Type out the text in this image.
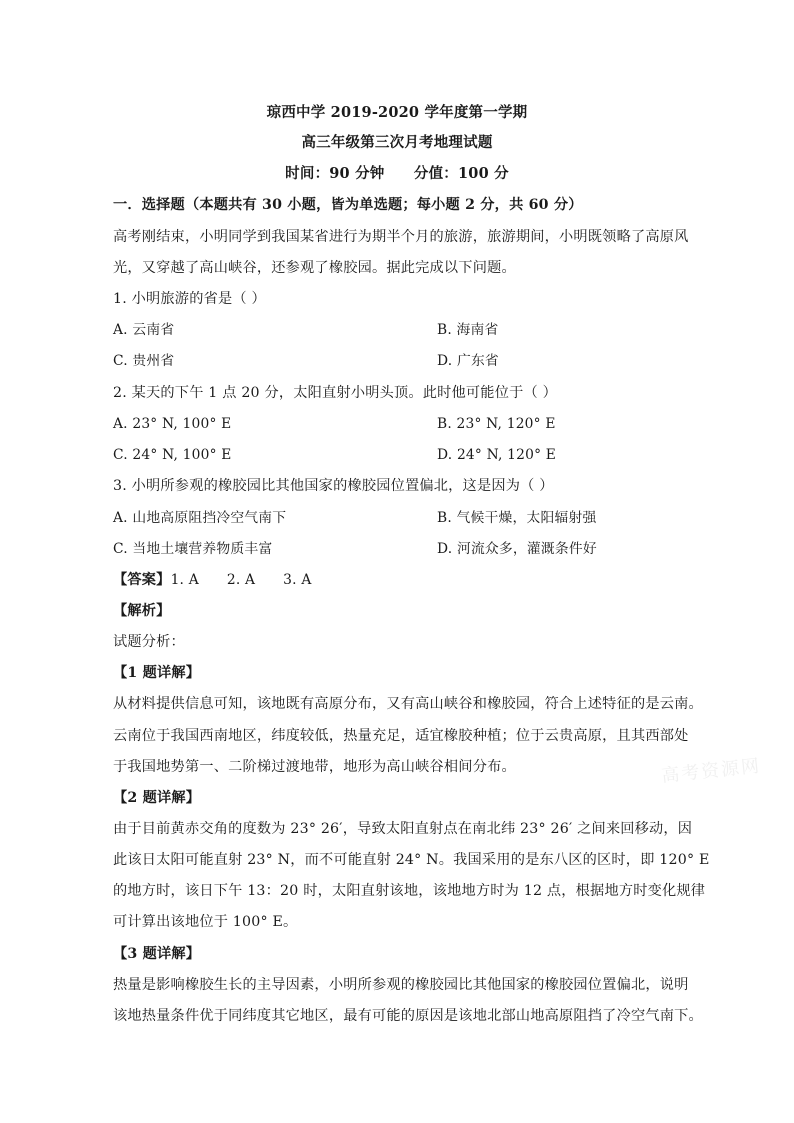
琼西中学 2019-2020 学年度第一学期
高三年级第三次月考地理试题
时间：90 分钟　　分值：100 分
一．选择题（本题共有 30 小题，皆为单选题；每小题 2 分，共 60 分）
高考刚结束，小明同学到我国某省进行为期半个月的旅游，旅游期间，小明既领略了高原风
光，又穿越了高山峡谷，还参观了橡胶园。据此完成以下问题。
1. 小明旅游的省是（ ）
A. 云南省	B. 海南省
C. 贵州省	D. 广东省
2. 某天的下午 1 点 20 分，太阳直射小明头顶。此时他可能位于（ ）
A. 23° N, 100° E	B. 23° N, 120° E
C. 24° N, 100° E	D. 24° N, 120° E
3. 小明所参观的橡胶园比其他国家的橡胶园位置偏北，这是因为（ ）
A. 山地高原阻挡冷空气南下	B. 气候干燥，太阳辐射强
C. 当地土壤营养物质丰富	D. 河流众多，灌溉条件好
【答案】1. A　　2. A　　3. A
【解析】
试题分析：
【1 题详解】
从材料提供信息可知，该地既有高原分布，又有高山峡谷和橡胶园，符合上述特征的是云南。
云南位于我国西南地区，纬度较低，热量充足，适宜橡胶种植；位于云贵高原，且其西部处
于我国地势第一、二阶梯过渡地带，地形为高山峡谷相间分布。
【2 题详解】
由于目前黄赤交角的度数为 23° 26′，导致太阳直射点在南北纬 23° 26′ 之间来回移动，因
此该日太阳可能直射 23° N，而不可能直射 24° N。我国采用的是东八区的区时，即 120° E
的地方时，该日下午 13：20 时，太阳直射该地，该地地方时为 12 点，根据地方时变化规律
可计算出该地位于 100° E。
【3 题详解】
热量是影响橡胶生长的主导因素，小明所参观的橡胶园比其他国家的橡胶园位置偏北，说明
该地热量条件优于同纬度其它地区，最有可能的原因是该地北部山地高原阻挡了冷空气南下。
高考资源网
